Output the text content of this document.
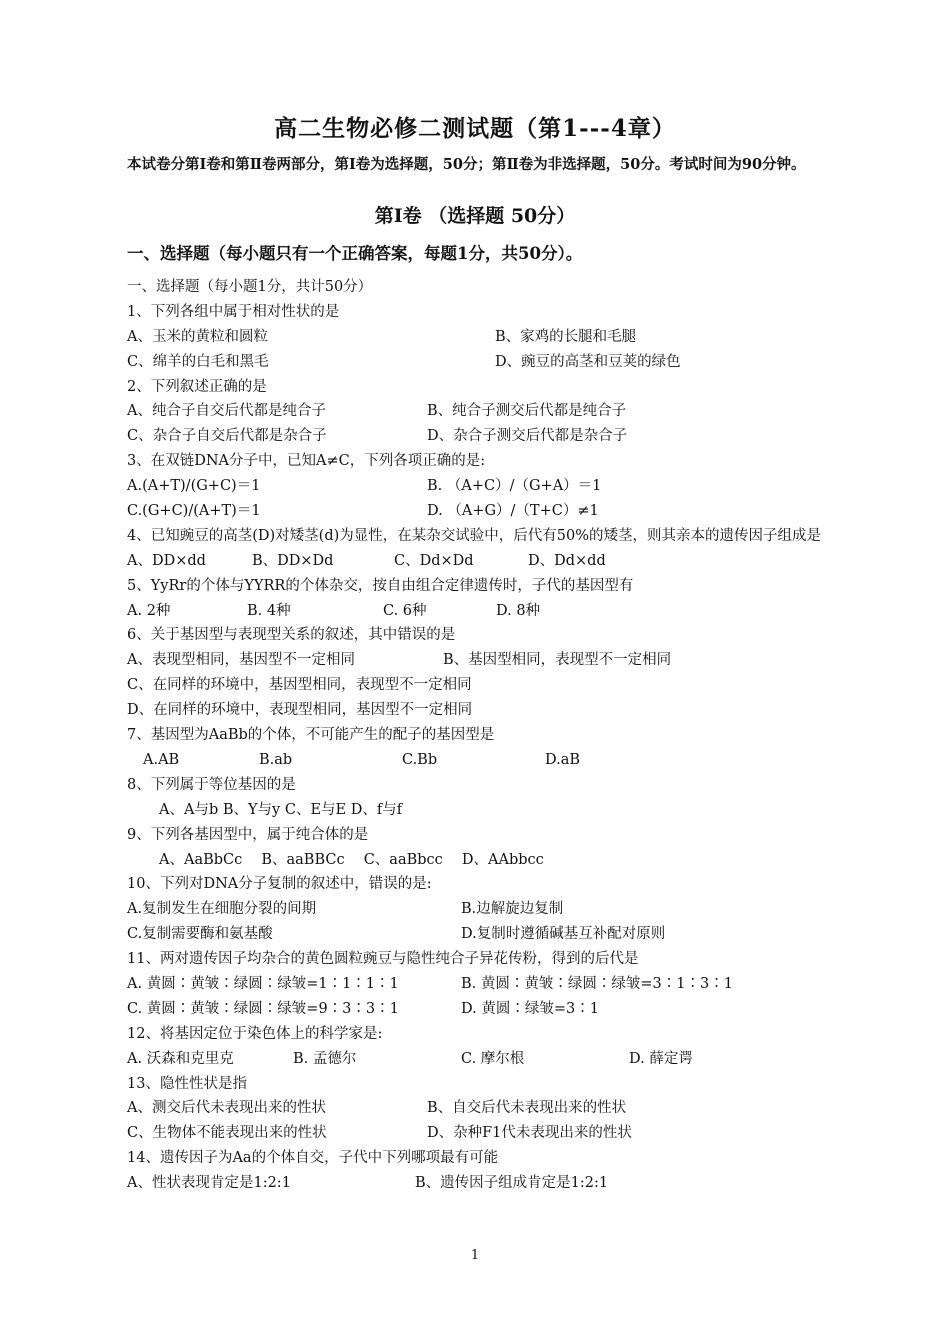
高二生物必修二测试题（第1---4章）
本试卷分第Ⅰ卷和第Ⅱ卷两部分，第Ⅰ卷为选择题，50分；第Ⅱ卷为非选择题，50分。考试时间为90分钟。
第Ⅰ卷 （选择题 50分）
一、选择题（每小题只有一个正确答案，每题1分，共50分）。
一、选择题（每小题1分，共计50分）
1、下列各组中属于相对性状的是
A、玉米的黄粒和圆粒	B、家鸡的长腿和毛腿
C、绵羊的白毛和黑毛	D、豌豆的高茎和豆荚的绿色
2、下列叙述正确的是
A、纯合子自交后代都是纯合子	B、纯合子测交后代都是纯合子
C、杂合子自交后代都是杂合子	D、杂合子测交后代都是杂合子
3、在双链DNA分子中，已知A≠C，下列各项正确的是:
A.(A+T)/(G+C)＝1	B. （A+C）/（G+A）＝1
C.(G+C)/(A+T)＝1	D. （A+G）/（T+C）≠1
4、已知豌豆的高茎(D)对矮茎(d)为显性，在某杂交试验中，后代有50%的矮茎，则其亲本的遗传因子组成是
A、DD×dd	B、DD×Dd	C、Dd×Dd	D、Dd×dd
5、YyRr的个体与YYRR的个体杂交，按自由组合定律遗传时，子代的基因型有
A. 2种	B. 4种	C. 6种	D. 8种
6、关于基因型与表现型关系的叙述，其中错误的是
A、表现型相同，基因型不一定相同	B、基因型相同，表现型不一定相同
C、在同样的环境中，基因型相同，表现型不一定相同
D、在同样的环境中，表现型相同，基因型不一定相同
7、基因型为AaBb的个体，不可能产生的配子的基因型是
A.AB	B.ab	C.Bb	D.aB
8、下列属于等位基因的是
A、A与b B、Y与y C、E与E D、f与f
9、下列各基因型中，属于纯合体的是
A、AaBbCc　 B、aaBBCc　 C、aaBbcc　 D、AAbbcc
10、下列对DNA分子复制的叙述中，错误的是:
A.复制发生在细胞分裂的间期	B.边解旋边复制
C.复制需要酶和氨基酸	D.复制时遵循碱基互补配对原则
11、两对遗传因子均杂合的黄色圆粒豌豆与隐性纯合子异花传粉，得到的后代是
A. 黄圆∶黄皱∶绿圆∶绿皱=1∶1∶1∶1	B. 黄圆∶黄皱∶绿圆∶绿皱=3∶1∶3∶1
C. 黄圆∶黄皱∶绿圆∶绿皱=9∶3∶3∶1	D. 黄圆∶绿皱=3∶1
12、将基因定位于染色体上的科学家是:
A. 沃森和克里克	B. 孟德尔	C. 摩尔根	D. 薛定谔
13、隐性性状是指
A、测交后代未表现出来的性状	B、自交后代未表现出来的性状
C、生物体不能表现出来的性状	D、杂种F1代未表现出来的性状
14、遗传因子为Aa的个体自交，子代中下列哪项最有可能
A、性状表现肯定是1:2:1	B、遗传因子组成肯定是1:2:1
1
